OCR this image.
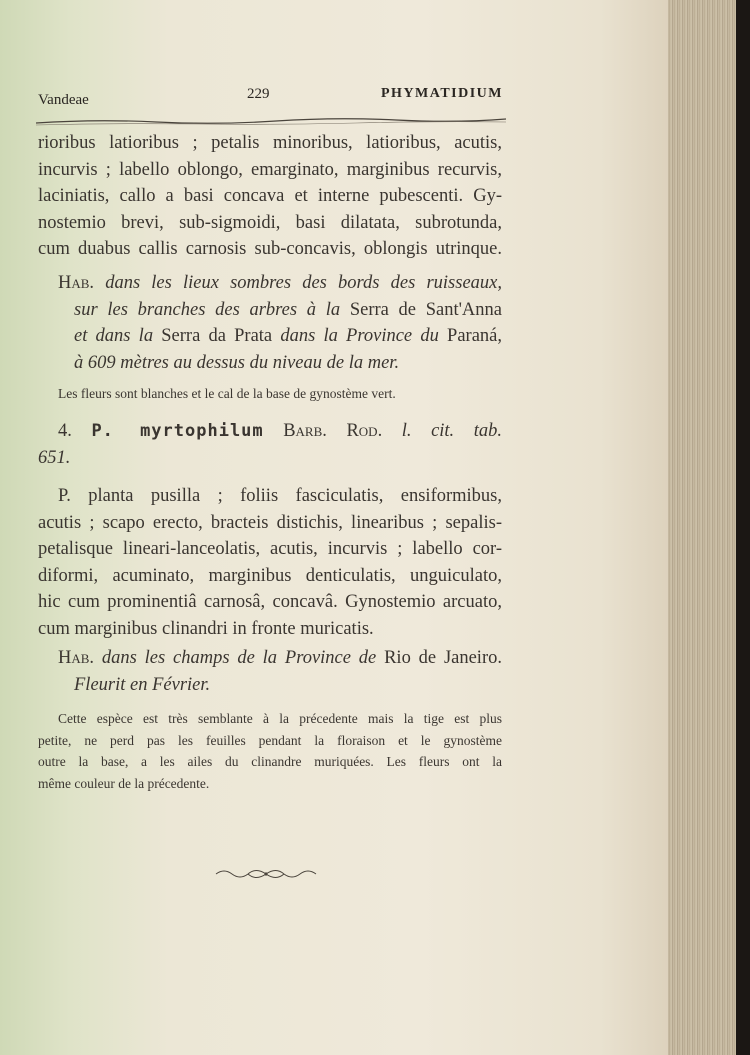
Vandeae	229	PHYMATIDIUM
rioribus latioribus ; petalis minoribus, latioribus, acutis,
incurvis ; labello oblongo, emarginato, marginibus recurvis,
laciniatis, callo a basi concava et interne pubescenti. Gy-
nostemio brevi, sub-sigmoidi, basi dilatata, subrotunda,
cum duabus callis carnosis sub-concavis, oblongis utrinque.
Hab. dans les lieux sombres des bords des ruisseaux,
sur les branches des arbres à la Serra de Sant'Anna
et dans la Serra da Prata dans la Province du Paraná,
à 609 mètres au dessus du niveau de la mer.
Les fleurs sont blanches et le cal de la base de gynostème vert.
4. P. myrtophilum Barb. Rod. l. cit. tab.
651.
P. planta pusilla ; foliis fasciculatis, ensiformibus,
acutis ; scapo erecto, bracteis distichis, linearibus ; sepalis-
petalisque lineari-lanceolatis, acutis, incurvis ; labello cor-
diformi, acuminato, marginibus denticulatis, unguiculato,
hic cum prominentiâ carnosâ, concavâ. Gynostemio arcuato,
cum marginibus clinandri in fronte muricatis.
Hab. dans les champs de la Province de Rio de Janeiro.
Fleurit en Février.
Cette espèce est très semblante à la précedente mais la tige est plus
petite, ne perd pas les feuilles pendant la floraison et le gynostème
outre la base, a les ailes du clinandre muriquées. Les fleurs ont la
même couleur de la précedente.
